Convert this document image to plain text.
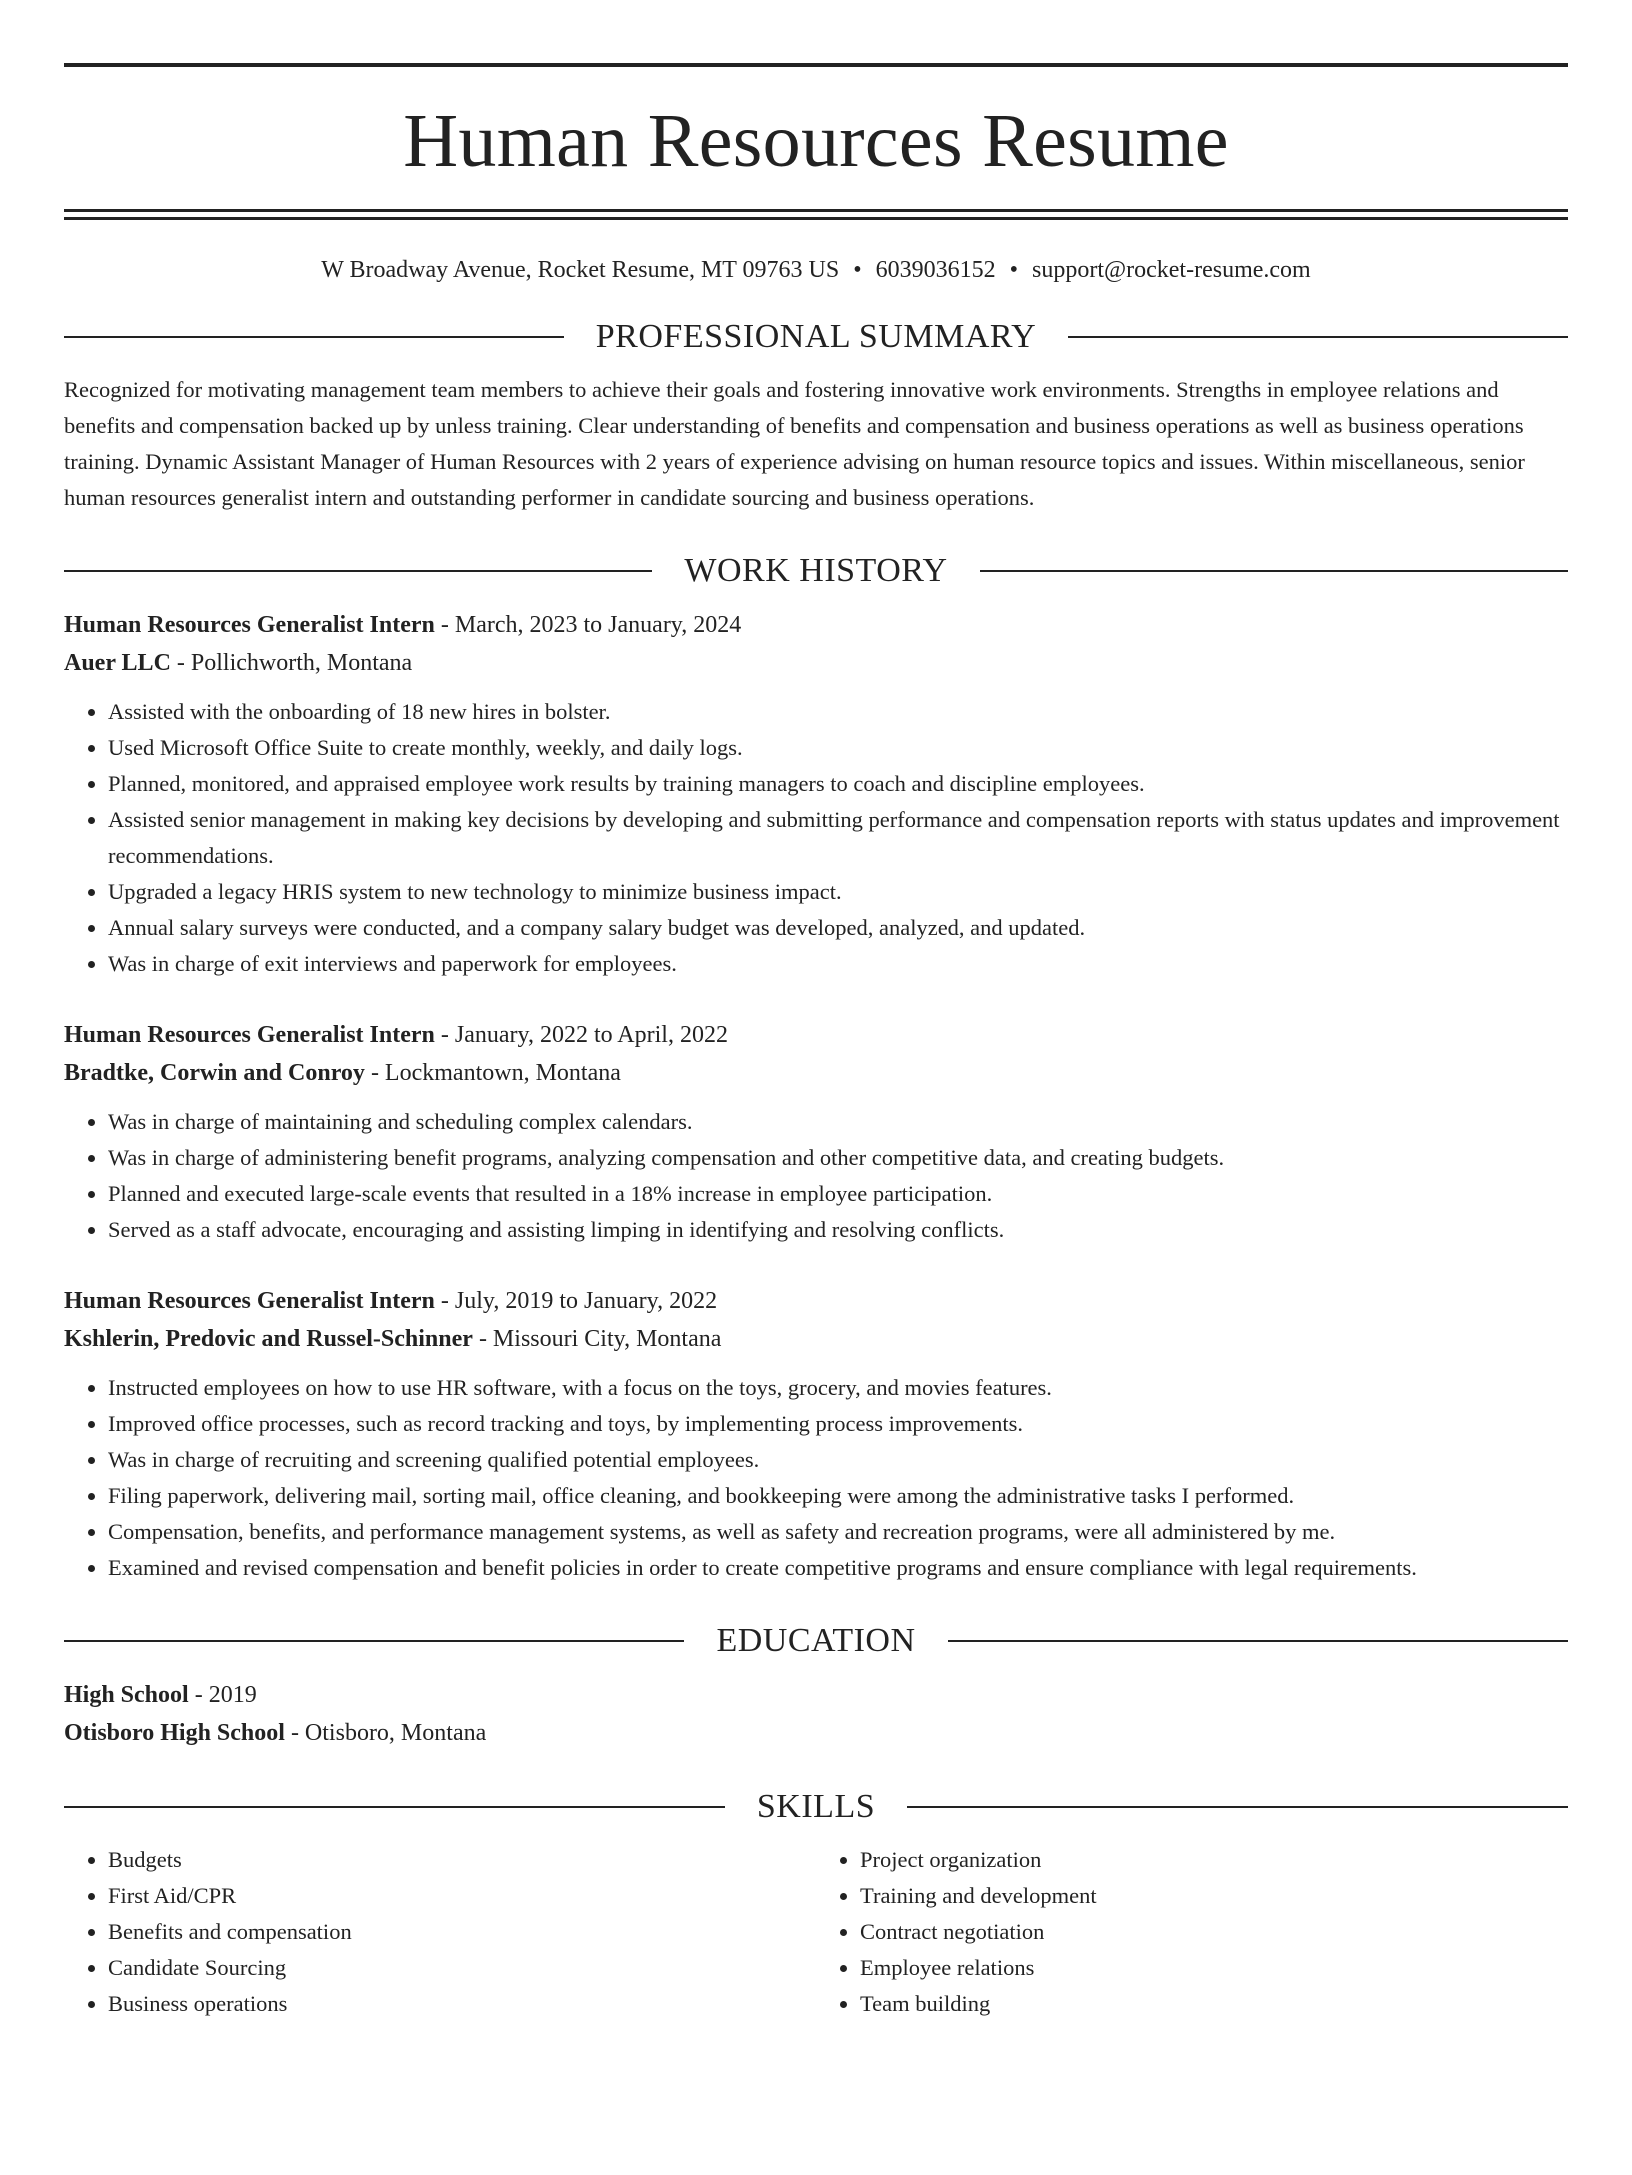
Human Resources Resume
W Broadway Avenue, Rocket Resume, MT 09763 US • 6039036152 • support@rocket-resume.com
PROFESSIONAL SUMMARY

Recognized for motivating management team members to achieve their goals and fostering innovative work environments. Strengths in employee relations and benefits and compensation backed up by unless training. Clear understanding of benefits and compensation and business operations as well as business operations training. Dynamic Assistant Manager of Human Resources with 2 years of experience advising on human resource topics and issues. Within miscellaneous, senior human resources generalist intern and outstanding performer in candidate sourcing and business operations.

WORK HISTORY

Human Resources Generalist Intern - March, 2023 to January, 2024

Auer LLC - Pollichworth, Montana

• Assisted with the onboarding of 18 new hires in bolster.
• Used Microsoft Office Suite to create monthly, weekly, and daily logs.
• Planned, monitored, and appraised employee work results by training managers to coach and discipline employees.
• Assisted senior management in making key decisions by developing and submitting performance and compensation reports with status updates and improvement recommendations.
• Upgraded a legacy HRIS system to new technology to minimize business impact.
• Annual salary surveys were conducted, and a company salary budget was developed, analyzed, and updated.
• Was in charge of exit interviews and paperwork for employees.

Human Resources Generalist Intern - January, 2022 to April, 2022

Bradtke, Corwin and Conroy - Lockmantown, Montana

• Was in charge of maintaining and scheduling complex calendars.
• Was in charge of administering benefit programs, analyzing compensation and other competitive data, and creating budgets.
• Planned and executed large-scale events that resulted in a 18% increase in employee participation.
• Served as a staff advocate, encouraging and assisting limping in identifying and resolving conflicts.

Human Resources Generalist Intern - July, 2019 to January, 2022

Kshlerin, Predovic and Russel-Schinner - Missouri City, Montana

• Instructed employees on how to use HR software, with a focus on the toys, grocery, and movies features.
• Improved office processes, such as record tracking and toys, by implementing process improvements.
• Was in charge of recruiting and screening qualified potential employees.
• Filing paperwork, delivering mail, sorting mail, office cleaning, and bookkeeping were among the administrative tasks I performed.
• Compensation, benefits, and performance management systems, as well as safety and recreation programs, were all administered by me.
• Examined and revised compensation and benefit policies in order to create competitive programs and ensure compliance with legal requirements.
EDUCATION

High School - 2019

Otisboro High School - Otisboro, Montana

SKILLS
• Budgets
• First Aid/CPR
• Benefits and compensation
• Candidate Sourcing
• Business operations
• Project organization
• Training and development
• Contract negotiation
• Employee relations
• Team building
